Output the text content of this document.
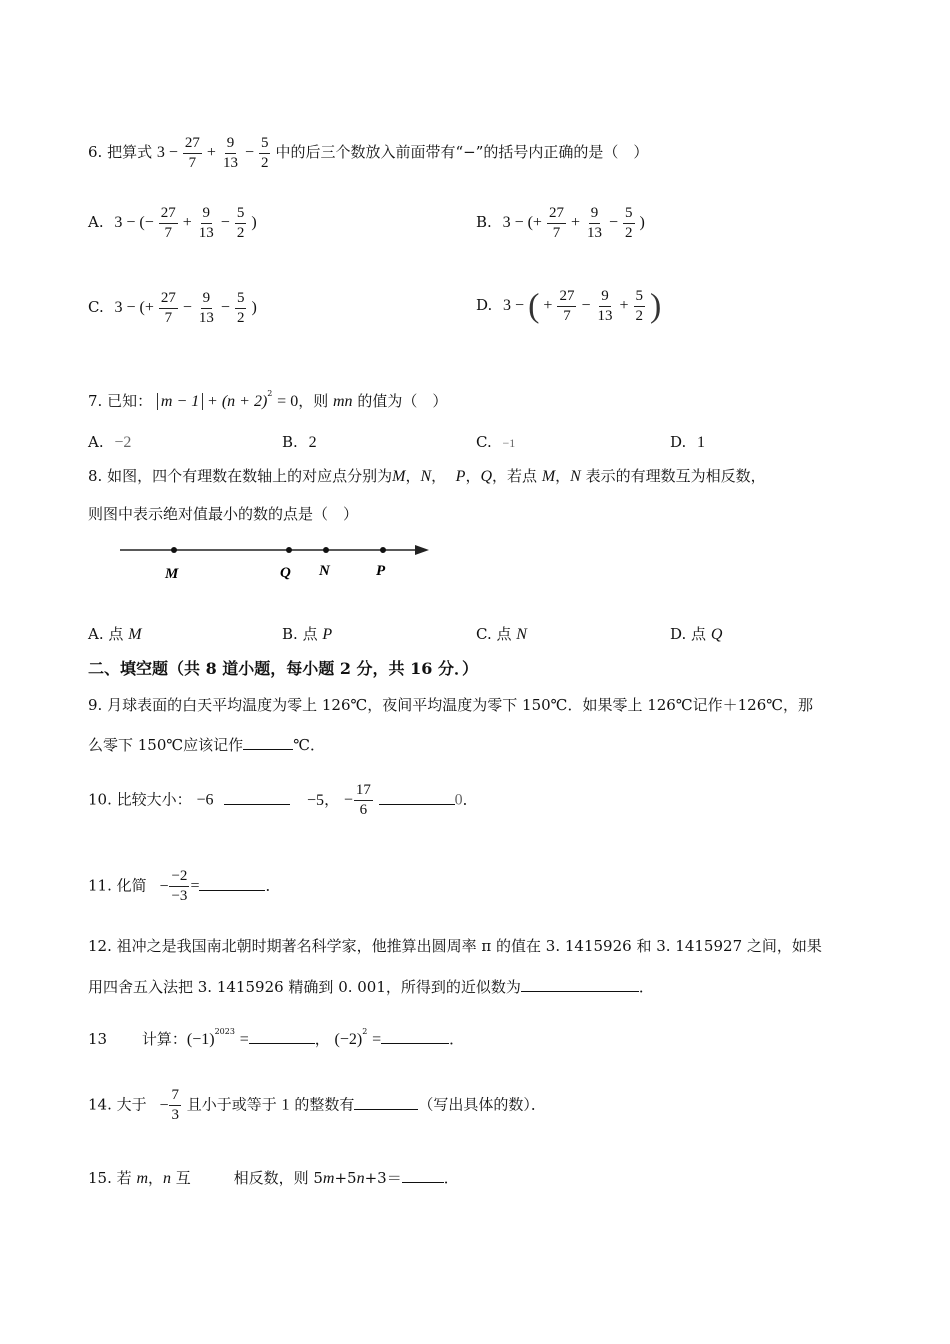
6. 把算式 $3 - \frac{27}{7} + \frac{9}{13} - \frac{5}{2}$ 中的后三个数放入前面带有“−”的括号内正确的是（　）
A. 3 − (− $\frac{27}{7} + \frac{9}{13} - \frac{5}{2}$ )	B. 3 − (+ $\frac{27}{7} + \frac{9}{13} - \frac{5}{2}$ )
C. 3 − (+ $\frac{27}{7} - \frac{9}{13} - \frac{5}{2}$ )	D. 3 − ( + $\frac{27}{7} - \frac{9}{13} + \frac{5}{2}$ )
7. 已知： $m - 1 + (n + 2)^2 = 0$，则 mn 的值为（　）
A. −2	B. 2	C. −1	D. 1
8. 如图，四个有理数在数轴上的对应点分别为M，N，  P，Q，若点 M，N 表示的有理数互为相反数，
则图中表示绝对值最小的数的点是（　）
M	Q N	P
A. 点 M	B. 点 P	C. 点 N	D. 点 Q
二、填空题（共 8 道小题，每小题 2 分，共 16 分．）
9. 月球表面的白天平均温度为零上 126℃，夜间平均温度为零下 150℃．如果零上 126℃记作＋126℃，那
么零下 150℃应该记作	℃．
10. 比较大小： −6	−5， − $\frac{17}{6}$	0．
11. 化简 − $\frac{-2}{-3}$ =	．
12. 祖冲之是我国南北朝时期著名科学家，他推算出圆周率 π 的值在 3. 1415926 和 3. 1415927 之间，如果
用四舍五入法把 3. 1415926 精确到 0. 001，所得到的近似数为	．
13 计算：$(-1)^{2023}$ =	， $(-2)^2$ =	．
14. 大于 − $\frac{7}{3}$ 且小于或等于 1 的整数有	（写出具体的数）．
15. 若 m，n 互	相反数，则 5m+5n+3＝	．
